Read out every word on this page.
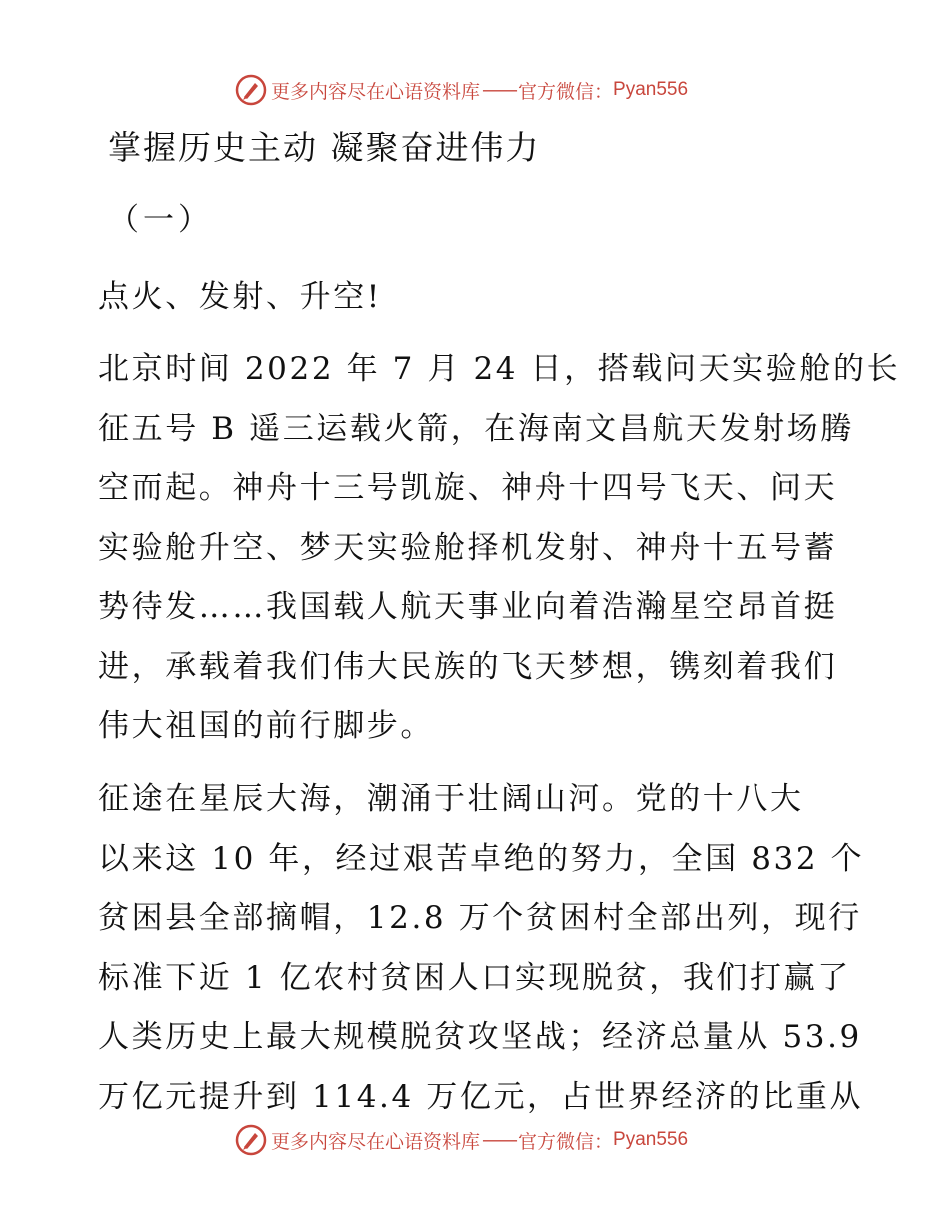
更多内容尽在心语资料库 —— 官方微信： Pyan556
掌握历史主动 凝聚奋进伟力
（一）

点火、发射、升空!

北京时间 2022 年 7 月 24 日，搭载问天实验舱的长
征五号 B 遥三运载火箭，在海南文昌航天发射场腾
空而起。神舟十三号凯旋、神舟十四号飞天、问天
实验舱升空、梦天实验舱择机发射、神舟十五号蓄
势待发……我国载人航天事业向着浩瀚星空昂首挺
进，承载着我们伟大民族的飞天梦想，镌刻着我们
伟大祖国的前行脚步。

征途在星辰大海，潮涌于壮阔山河。党的十八大
以来这 10 年，经过艰苦卓绝的努力，全国 832 个
贫困县全部摘帽，12.8 万个贫困村全部出列，现行
标准下近 1 亿农村贫困人口实现脱贫，我们打赢了
人类历史上最大规模脱贫攻坚战；经济总量从 53.9
万亿元提升到 114.4 万亿元，占世界经济的比重从

更多内容尽在心语资料库 —— 官方微信： Pyan556
